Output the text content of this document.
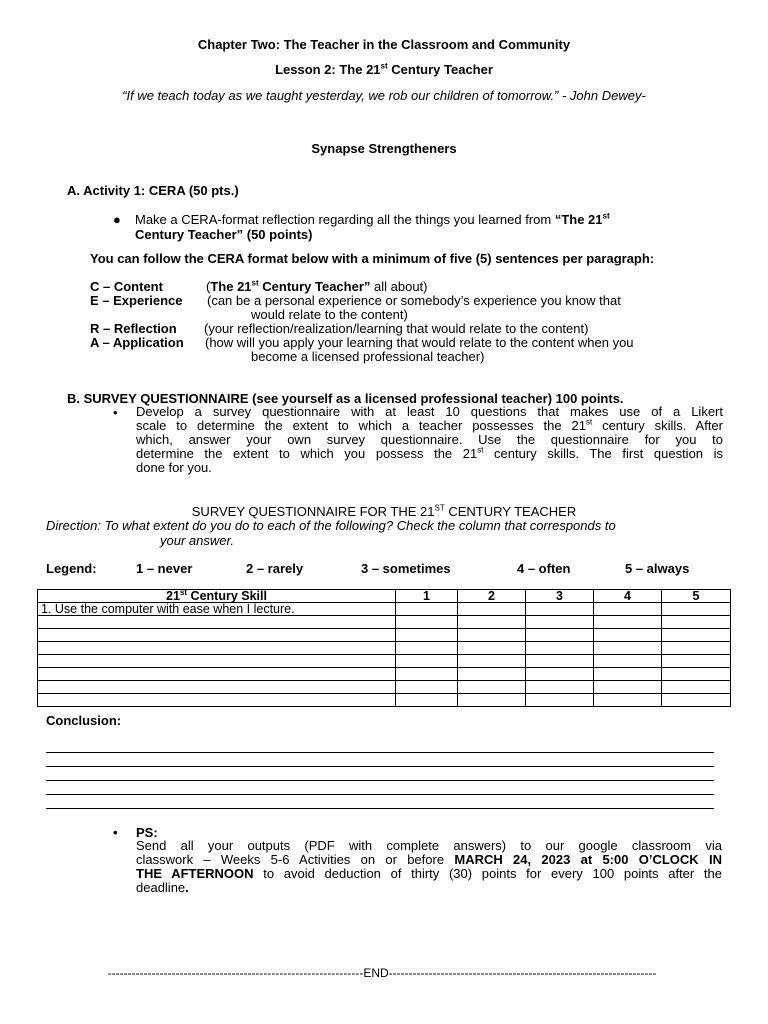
Chapter Two: The Teacher in the Classroom and Community
Lesson 2: The 21st Century Teacher
“If we teach today as we taught yesterday, we rob our children of tomorrow.” - John Dewey-
Synapse Strengtheners
A. Activity 1: CERA (50 pts.)
● Make a CERA-format reflection regarding all the things you learned from “The 21st
Century Teacher” (50 points)
You can follow the CERA format below with a minimum of five (5) sentences per paragraph:
C – Content	(The 21st Century Teacher” all about)
E – Experience (can be a personal experience or somebody’s experience you know that
would relate to the content)
R – Reflection (your reflection/realization/learning that would relate to the content)
A – Application (how will you apply your learning that would relate to the content when you
become a licensed professional teacher)
B. SURVEY QUESTIONNAIRE (see yourself as a licensed professional teacher) 100 points.
• Develop a survey questionnaire with at least 10 questions that makes use of a Likert
scale to determine the extent to which a teacher possesses the 21st century skills. After
which, answer your own survey questionnaire. Use the questionnaire for you to
determine the extent to which you possess the 21st century skills. The first question is
done for you.
SURVEY QUESTIONNAIRE FOR THE 21ST CENTURY TEACHER
Direction: To what extent do you do to each of the following? Check the column that corresponds to
your answer.
Legend:	1 – never	2 – rarely	3 – sometimes	4 – often	5 – always
21st Century Skill	1	2	3	4	5
1. Use the computer with ease when I lecture.					

Conclusion:
• PS:
Send all your outputs (PDF with complete answers) to our google classroom via
classwork – Weeks 5-6 Activities on or before MARCH 24, 2023 at 5:00 O’CLOCK IN
THE AFTERNOON to avoid deduction of thirty (30) points for every 100 points after the
deadline.
----------------------------------------------------------------END-------------------------------------------------------------------
